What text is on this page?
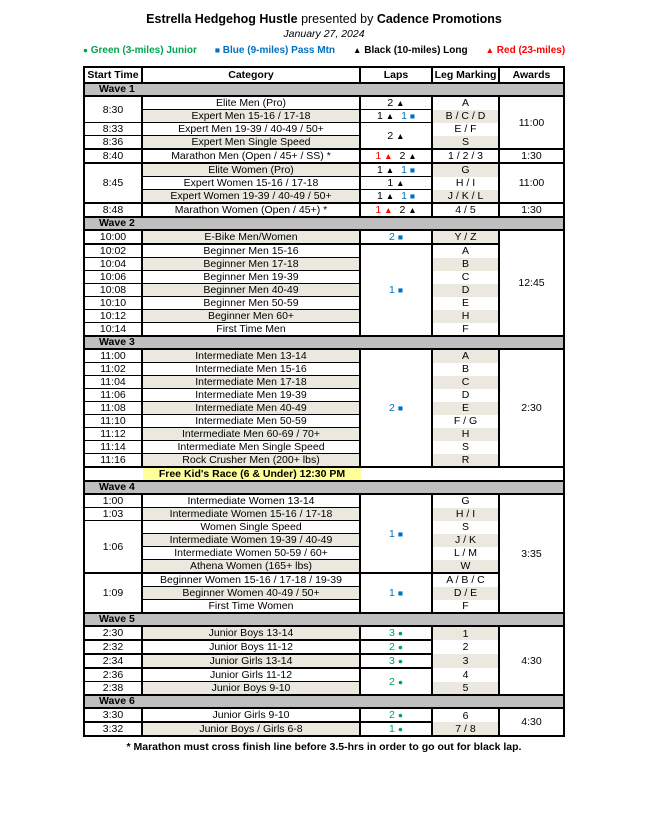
Estrella Hedgehog Hustle presented by Cadence Promotions
January 27, 2024
● Green (3-miles) Junior ■ Blue (9-miles) Pass Mtn ▲ Black (10-miles) Long ▲ Red (23-miles)
Start Time	Category	Laps	Leg Marking	Awards
Wave 1				
8:30	Elite Men (Pro)	2 ▲	A	11:00
	Expert Men 15-16 / 17-18	1 ▲ 1 ■	B / C / D	
8:33	Expert Men 19-39 / 40-49 / 50+	2 ▲	E / F	
8:36	Expert Men Single Speed		S	
8:40	Marathon Men (Open / 45+ / SS) *	1 ▲ 2 ▲	1 / 2 / 3	1:30
8:45	Elite Women (Pro)	1 ▲ 1 ■	G	11:00
	Expert Women 15-16 / 17-18	1 ▲	H / I	
	Expert Women 19-39 / 40-49 / 50+	1 ▲ 1 ■	J / K / L	
8:48	Marathon Women (Open / 45+) *	1 ▲ 2 ▲	4 / 5	1:30
Wave 2				
10:00	E-Bike Men/Women	2 ■	Y / Z	12:45
10:02	Beginner Men 15-16	1 ■	A	
10:04	Beginner Men 17-18		B	
10:06	Beginner Men 19-39		C	
10:08	Beginner Men 40-49		D	
10:10	Beginner Men 50-59		E	
10:12	Beginner Men 60+		H	
10:14	First Time Men		F	
Wave 3				
11:00	Intermediate Men 13-14	2 ■	A	2:30
11:02	Intermediate Men 15-16		B	
11:04	Intermediate Men 17-18		C	
11:06	Intermediate Men 19-39		D	
11:08	Intermediate Men 40-49		E	
11:10	Intermediate Men 50-59		F / G	
11:12	Intermediate Men 60-69 / 70+		H	
11:14	Intermediate Men Single Speed		S	
11:16	Rock Crusher Men (200+ lbs)		R	

Free Kid's Race (6 & Under) 12:30 PM				

Wave 4				
1:00	Intermediate Women 13-14	1 ■	G	3:35
1:03	Intermediate Women 15-16 / 17-18		H / I	
1:06	Women Single Speed		S	
	Intermediate Women 19-39 / 40-49		J / K	
	Intermediate Women 50-59 / 60+		L / M	
	Athena Women (165+ lbs)		W	
1:09	Beginner Women 15-16 / 17-18 / 19-39	1 ■	A / B / C	
	Beginner Women 40-49 / 50+		D / E	
	First Time Women		F	
Wave 5				
2:30	Junior Boys 13-14	3 ●	1	4:30
2:32	Junior Boys 11-12	2 ●	2	
2:34	Junior Girls 13-14	3 ●	3	
2:36	Junior Girls 11-12	2 ●	4	
2:38	Junior Boys 9-10		5	
Wave 6				
3:30	Junior Girls 9-10	2 ●	6	4:30
3:32	Junior Boys / Girls 6-8	1 ●	7 / 8	
* Marathon must cross finish line before 3.5-hrs in order to go out for black lap.
